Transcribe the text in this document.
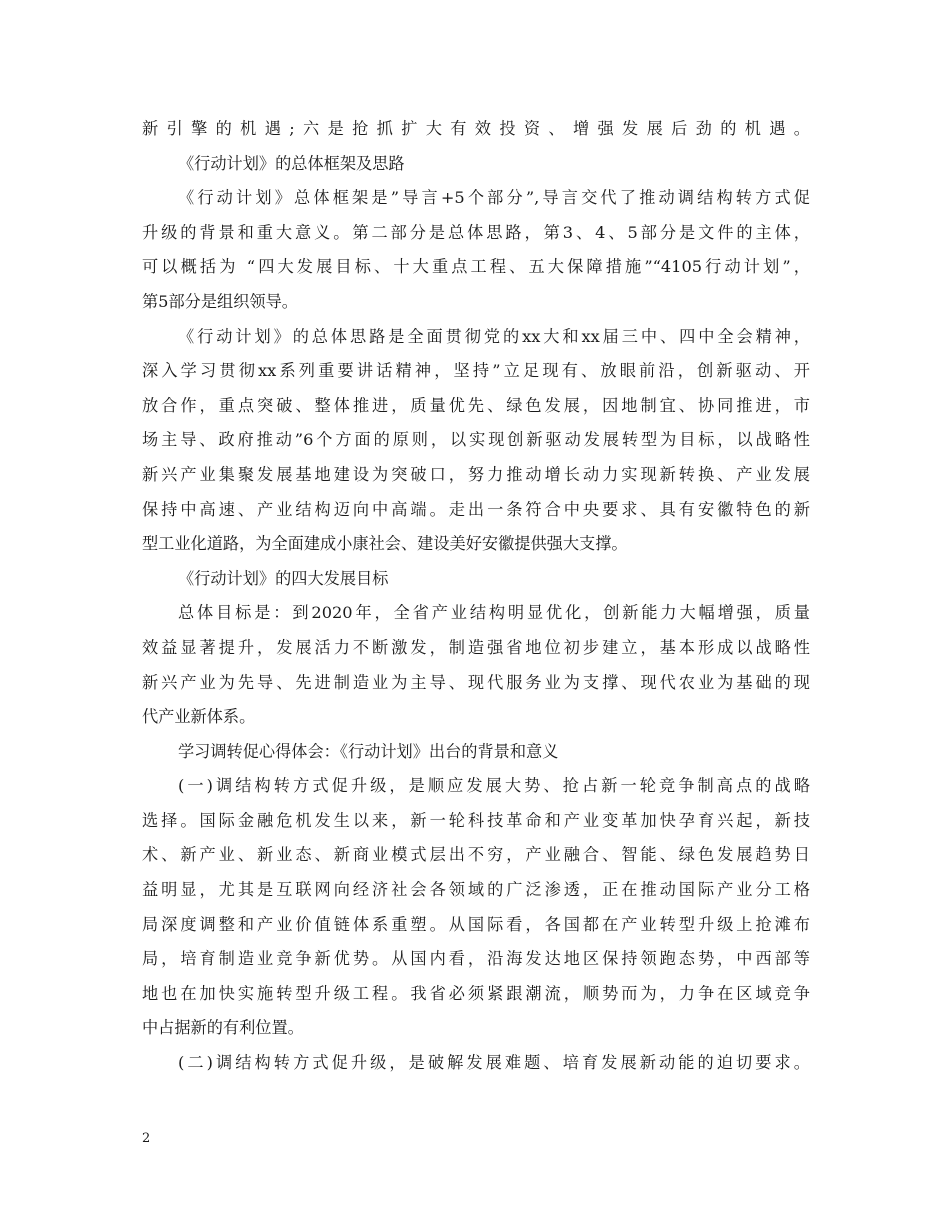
新引擎的机遇;六是抢抓扩大有效投资、增强发展后劲的机遇。
《行动计划》的总体框架及思路
《行动计划》总体框架是”导言+5个部分”,导言交代了推动调结构转方式促
升级的背景和重大意义。第二部分是总体思路，第3、4、5部分是文件的主体，
可以概括为 “四大发展目标、十大重点工程、五大保障措施”“4105行动计划”，
第5部分是组织领导。
《行动计划》的总体思路是全面贯彻党的xx大和xx届三中、四中全会精神，
深入学习贯彻xx系列重要讲话精神，坚持”立足现有、放眼前沿，创新驱动、开
放合作，重点突破、整体推进，质量优先、绿色发展，因地制宜、协同推进，市
场主导、政府推动”6个方面的原则，以实现创新驱动发展转型为目标，以战略性
新兴产业集聚发展基地建设为突破口，努力推动增长动力实现新转换、产业发展
保持中高速、产业结构迈向中高端。走出一条符合中央要求、具有安徽特色的新
型工业化道路，为全面建成小康社会、建设美好安徽提供强大支撑。
《行动计划》的四大发展目标
总体目标是：到2020年，全省产业结构明显优化，创新能力大幅增强，质量
效益显著提升，发展活力不断激发，制造强省地位初步建立，基本形成以战略性
新兴产业为先导、先进制造业为主导、现代服务业为支撑、现代农业为基础的现
代产业新体系。
学习调转促心得体会：《行动计划》出台的背景和意义
(一)调结构转方式促升级，是顺应发展大势、抢占新一轮竞争制高点的战略
选择。国际金融危机发生以来，新一轮科技革命和产业变革加快孕育兴起，新技
术、新产业、新业态、新商业模式层出不穷，产业融合、智能、绿色发展趋势日
益明显，尤其是互联网向经济社会各领域的广泛渗透，正在推动国际产业分工格
局深度调整和产业价值链体系重塑。从国际看，各国都在产业转型升级上抢滩布
局，培育制造业竞争新优势。从国内看，沿海发达地区保持领跑态势，中西部等
地也在加快实施转型升级工程。我省必须紧跟潮流，顺势而为，力争在区域竞争
中占据新的有利位置。
(二)调结构转方式促升级，是破解发展难题、培育发展新动能的迫切要求。
2
